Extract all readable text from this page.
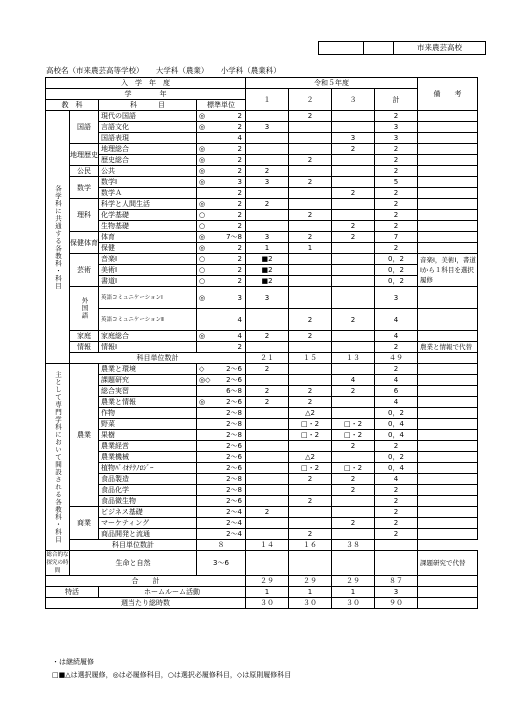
市来農芸高校
高校名（市来農芸高等学校） 大学科（農業） 小学科（農業科）
入　学　年　度				令和５年度				備　　考
学　　　　年				１	２	３	計	
教　科		科　　　目	標準単位					
各学科に共通する各教科・科目	国語	現代の国語	◎ 2		2		2	
		言語文化	◎ 2	3			3	
		国語表現	4			3	3	
	地理歴史	地理総合	◎ 2			2	2	
		歴史総合	◎ 2		2		2	
	公民	公共	◎ 2	2			2	
	数学	数学Ⅰ	◎ 3	3	2		5	
		数学Ａ	2			2	2	
	理科	科学と人間生活	◎ 2	2			2	
		化学基礎	○ 2		2		2	
		生物基礎	○ 2			2	2	
	保健体育	体育	◎ 7～8	3	2	2	7	
		保健	◎ 2	1	1		2	
	芸術	音楽Ⅰ	○ 2	■2			0，2	音楽Ⅰ，美術Ⅰ，書道Ⅰから１科目を選択履修
		美術Ⅰ	○ 2	■2			0，2	
		書道Ⅰ	○ 2	■2			0，2	
	外国語	英語コミュニケーションⅠ	◎ 3	3			3	
		英語コミュニケーションⅡ	4		2	2	4	
	家庭	家庭総合	◎ 4	2	2		4	
	情報	情報Ⅰ	2				2	農業と情報で代替
	科目単位数計			２１	１５	１３	４９	
主として専門学科において開設される各教科・科目	農業	農業と環境	◇ 2～6	2			2	
		課題研究	◎◇ 2～6			4	4	
		総合実習	6～8	2	2	2	6	
		農業と情報	◎ 2～6	2	2		4	
		作物	2～8		△2		0，2	
		野菜	2～8		□・2	□・2	0，4	
		果樹	2～8		□・2	□・2	0，4	
		農業経営	2～6			2	2	
		農業機械	2～6		△2		0，2	
		植物ﾊﾞｲｵﾃｸﾉﾛｼﾞｰ	2～6		□・2	□・2	0，4	
		食品製造	2～8		2	2	4	
		食品化学	2～8			2	2	
		食品微生物	2～6		2		2	
	商業	ビジネス基礎	2～4	2			2	
		マーケティング	2～4			2	2	
		商品開発と流通	2～4		2		2	
	科目単位数計		８	１４	１６	３８		
総合的な探究の時間	生命と自然		3～6					課題研究で代替
合　　計				２９	２９	２９	８７	
特活		ホームルーム活動		1	1	1	3	
週当たり総時数				３０	３０	３０	９０	
・は継続履修
□■△は選択履修，◎は必履修科目，○は選択必履修科目，◇は原則履修科目
